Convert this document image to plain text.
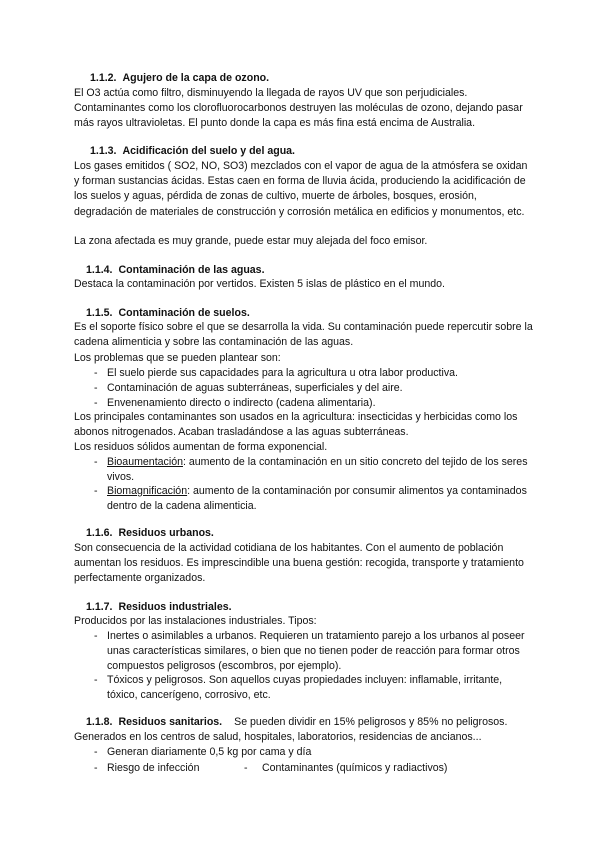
1.1.2. Agujero de la capa de ozono.

El O3 actúa como filtro, disminuyendo la llegada de rayos UV que son perjudiciales. Contaminantes como los clorofluorocarbonos destruyen las moléculas de ozono, dejando pasar más rayos ultravioletas. El punto donde la capa es más fina está encima de Australia.

1.1.3. Acidificación del suelo y del agua.

Los gases emitidos ( SO2, NO, SO3) mezclados con el vapor de agua de la atmósfera se oxidan y forman sustancias ácidas. Estas caen en forma de lluvia ácida, produciendo la acidificación de los suelos y aguas, pérdida de zonas de cultivo, muerte de árboles, bosques, erosión, degradación de materiales de construcción y corrosión metálica en edificios y monumentos, etc.

La zona afectada es muy grande, puede estar muy alejada del foco emisor.

1.1.4. Contaminación de las aguas.

Destaca la contaminación por vertidos. Existen 5 islas de plástico en el mundo.

1.1.5. Contaminación de suelos.

Es el soporte físico sobre el que se desarrolla la vida. Su contaminación puede repercutir sobre la cadena alimenticia y sobre las contaminación de las aguas.

Los problemas que se pueden plantear son:

- El suelo pierde sus capacidades para la agricultura u otra labor productiva.
- Contaminación de aguas subterráneas, superficiales y del aire.
- Envenenamiento directo o indirecto (cadena alimentaria).

Los principales contaminantes son usados en la agricultura: insecticidas y herbicidas como los abonos nitrogenados. Acaban trasladándose a las aguas subterráneas.

Los residuos sólidos aumentan de forma exponencial.

- Bioaumentación: aumento de la contaminación en un sitio concreto del tejido de los seres vivos.
- Biomagnificación: aumento de la contaminación por consumir alimentos ya contaminados dentro de la cadena alimenticia.
1.1.6. Residuos urbanos.

Son consecuencia de la actividad cotidiana de los habitantes. Con el aumento de población aumentan los residuos. Es imprescindible una buena gestión: recogida, transporte y tratamiento perfectamente organizados.

1.1.7. Residuos industriales.

Producidos por las instalaciones industriales. Tipos:

- Inertes o asimilables a urbanos. Requieren un tratamiento parejo a los urbanos al poseer unas características similares, o bien que no tienen poder de reacción para formar otros compuestos peligrosos (escombros, por ejemplo).
- Tóxicos y peligrosos. Son aquellos cuyas propiedades incluyen: inflamable, irritante, tóxico, cancerígeno, corrosivo, etc.
1.1.8. Residuos sanitarios. Se pueden dividir en 15% peligrosos y 85% no peligrosos.

Generados en los centros de salud, hospitales, laboratorios, residencias de ancianos...

- Generan diariamente 0,5 kg por cama y día
- Riesgo de infección	- Contaminantes (químicos y radiactivos)
